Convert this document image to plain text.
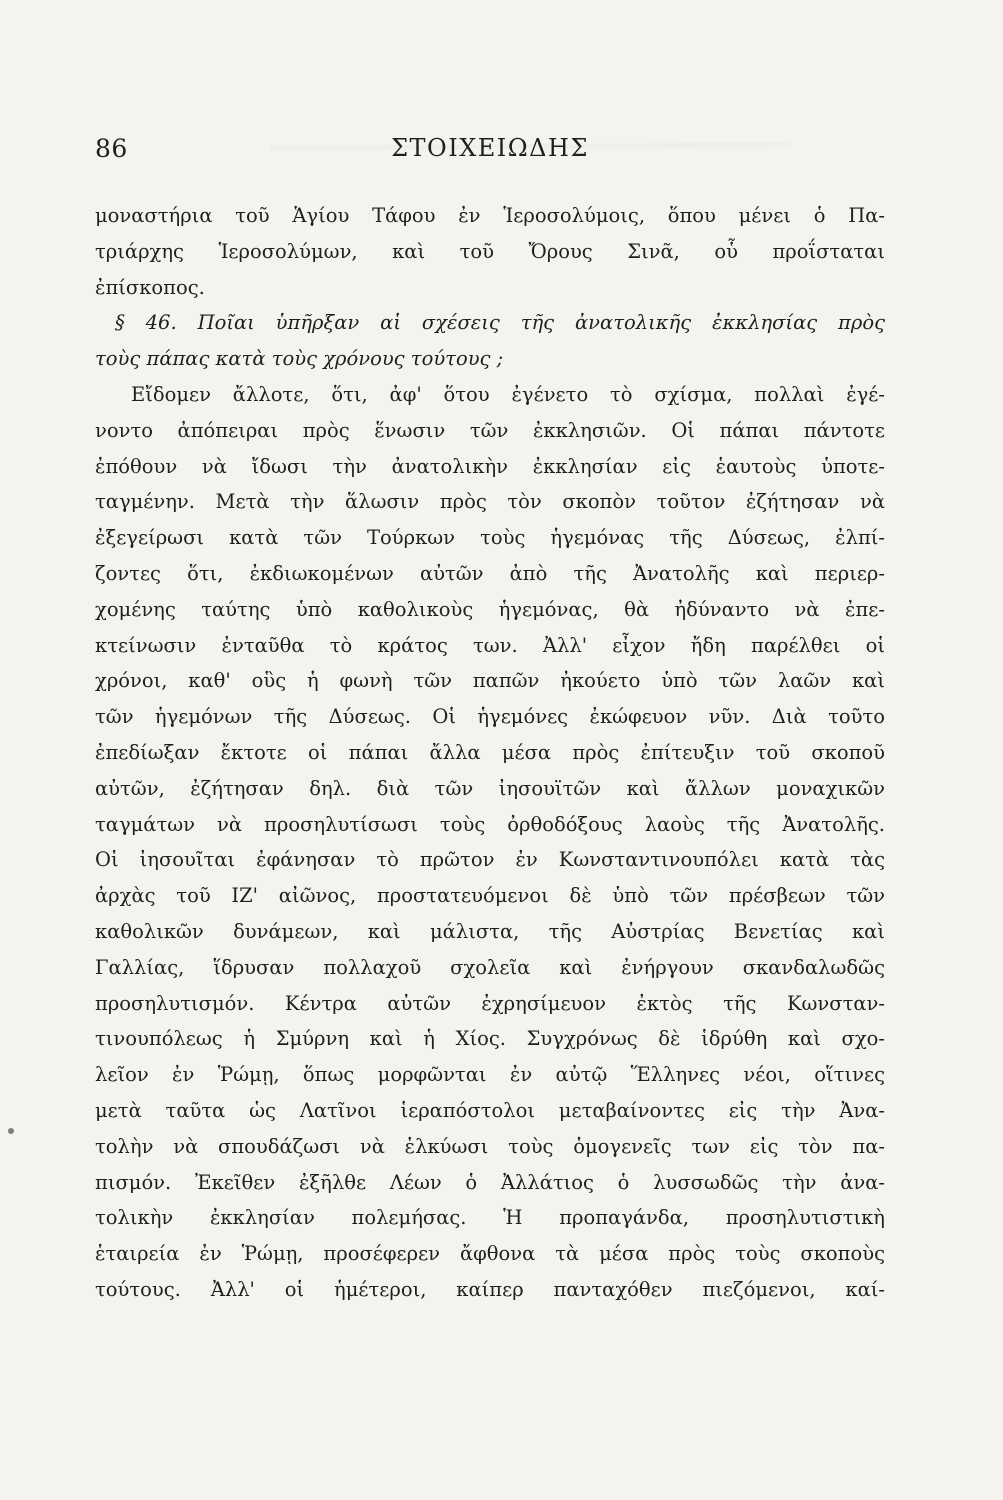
86	ΣΤΟΙΧΕΙΩΔΗΣ
μοναστήρια τοῦ Ἁγίου Τάφου ἐν Ἱεροσολύμοις, ὅπου μένει ὁ Πα-
τριάρχης Ἱεροσολύμων, καὶ τοῦ Ὄρους Σινᾶ, οὗ προΐσταται
ἐπίσκοπος.
§ 46. Ποῖαι ὑπῆρξαν αἱ σχέσεις τῆς ἀνατολικῆς ἐκκλησίας πρὸς
τοὺς πάπας κατὰ τοὺς χρόνους τούτους ;
Εἴδομεν ἄλλοτε, ὅτι, ἀφ' ὅτου ἐγένετο τὸ σχίσμα, πολλαὶ ἐγέ-
νοντο ἀπόπειραι πρὸς ἕνωσιν τῶν ἐκκλησιῶν. Οἱ πάπαι πάντοτε
ἐπόθουν νὰ ἴδωσι τὴν ἀνατολικὴν ἐκκλησίαν εἰς ἑαυτοὺς ὑποτε-
ταγμένην. Μετὰ τὴν ἅλωσιν πρὸς τὸν σκοπὸν τοῦτον ἐζήτησαν νὰ
ἐξεγείρωσι κατὰ τῶν Τούρκων τοὺς ἡγεμόνας τῆς Δύσεως, ἐλπί-
ζοντες ὅτι, ἐκδιωκομένων αὐτῶν ἀπὸ τῆς Ἀνατολῆς καὶ περιερ-
χομένης ταύτης ὑπὸ καθολικοὺς ἡγεμόνας, θὰ ἠδύναντο νὰ ἐπε-
κτείνωσιν ἐνταῦθα τὸ κράτος των. Ἀλλ' εἶχον ἤδη παρέλθει οἱ
χρόνοι, καθ' οὓς ἡ φωνὴ τῶν παπῶν ἠκούετο ὑπὸ τῶν λαῶν καὶ
τῶν ἡγεμόνων τῆς Δύσεως. Οἱ ἡγεμόνες ἐκώφευον νῦν. Διὰ τοῦτο
ἐπεδίωξαν ἔκτοτε οἱ πάπαι ἄλλα μέσα πρὸς ἐπίτευξιν τοῦ σκοποῦ
αὐτῶν, ἐζήτησαν δηλ. διὰ τῶν ἰησουϊτῶν καὶ ἄλλων μοναχικῶν
ταγμάτων νὰ προσηλυτίσωσι τοὺς ὀρθοδόξους λαοὺς τῆς Ἀνατολῆς.
Οἱ ἰησουῖται ἐφάνησαν τὸ πρῶτον ἐν Κωνσταντινουπόλει κατὰ τὰς
ἀρχὰς τοῦ ΙΖ' αἰῶνος, προστατευόμενοι δὲ ὑπὸ τῶν πρέσβεων τῶν
καθολικῶν δυνάμεων, καὶ μάλιστα, τῆς Αὐστρίας Βενετίας καὶ
Γαλλίας, ἵδρυσαν πολλαχοῦ σχολεῖα καὶ ἐνήργουν σκανδαλωδῶς
προσηλυτισμόν. Κέντρα αὐτῶν ἐχρησίμευον ἐκτὸς τῆς Κωνσταν-
τινουπόλεως ἡ Σμύρνη καὶ ἡ Χίος. Συγχρόνως δὲ ἱδρύθη καὶ σχο-
λεῖον ἐν Ῥώμῃ, ὅπως μορφῶνται ἐν αὐτῷ Ἕλληνες νέοι, οἵτινες
μετὰ ταῦτα ὡς Λατῖνοι ἱεραπόστολοι μεταβαίνοντες εἰς τὴν Ἀνα-
τολὴν νὰ σπουδάζωσι νὰ ἑλκύωσι τοὺς ὁμογενεῖς των εἰς τὸν πα-
πισμόν. Ἐκεῖθεν ἐξῆλθε Λέων ὁ Ἀλλάτιος ὁ λυσσωδῶς τὴν ἀνα-
τολικὴν ἐκκλησίαν πολεμήσας. Ἡ προπαγάνδα, προσηλυτιστικὴ
ἑταιρεία ἐν Ῥώμῃ, προσέφερεν ἄφθονα τὰ μέσα πρὸς τοὺς σκοποὺς
τούτους. Ἀλλ' οἱ ἡμέτεροι, καίπερ πανταχόθεν πιεζόμενοι, καί-
